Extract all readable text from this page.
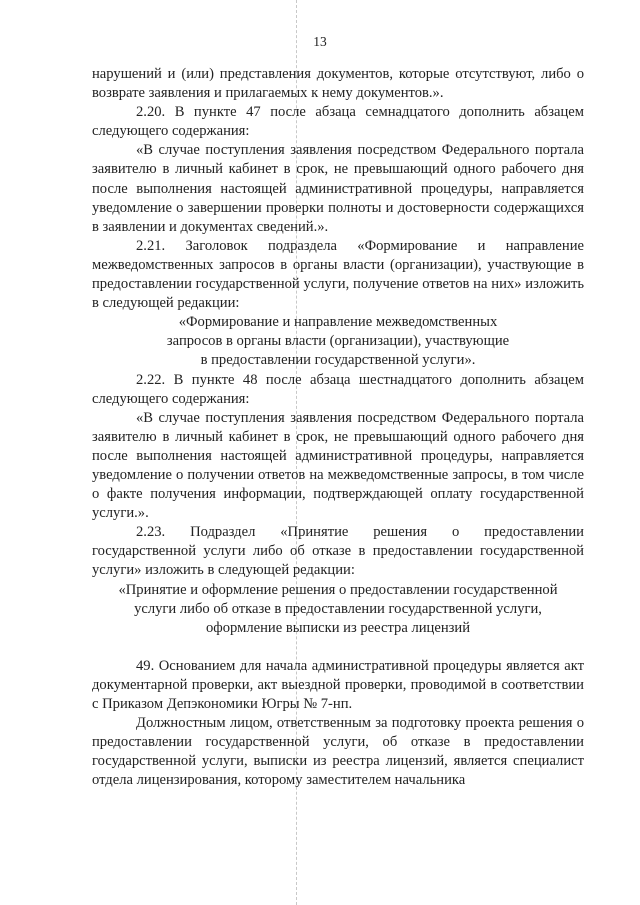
13

нарушений и (или) представления документов, которые отсутствуют, либо о возврате заявления и прилагаемых к нему документов.».

2.20. В пункте 47 после абзаца семнадцатого дополнить абзацем следующего содержания:

«В случае поступления заявления посредством Федерального портала заявителю в личный кабинет в срок, не превышающий одного рабочего дня после выполнения настоящей административной процедуры, направляется уведомление о завершении проверки полноты и достоверности содержащихся в заявлении и документах сведений.».

2.21. Заголовок подраздела «Формирование и направление межведомственных запросов в органы власти (организации), участвующие в предоставлении государственной услуги, получение ответов на них» изложить в следующей редакции:

«Формирование и направление межведомственных

запросов в органы власти (организации), участвующие

в предоставлении государственной услуги».

2.22. В пункте 48 после абзаца шестнадцатого дополнить абзацем следующего содержания:

«В случае поступления заявления посредством Федерального портала заявителю в личный кабинет в срок, не превышающий одного рабочего дня после выполнения настоящей административной процедуры, направляется уведомление о получении ответов на межведомственные запросы, в том числе о факте получения информации, подтверждающей оплату государственной услуги.».

2.23. Подраздел «Принятие решения о предоставлении государственной услуги либо об отказе в предоставлении государственной услуги» изложить в следующей редакции:

«Принятие и оформление решения о предоставлении государственной

услуги либо об отказе в предоставлении государственной услуги,

оформление выписки из реестра лицензий

49. Основанием для начала административной процедуры является акт документарной проверки, акт выездной проверки, проводимой в соответствии с Приказом Депэкономики Югры № 7-нп.

Должностным лицом, ответственным за подготовку проекта решения о предоставлении государственной услуги, об отказе в предоставлении государственной услуги, выписки из реестра лицензий, является специалист отдела лицензирования, которому заместителем начальника
